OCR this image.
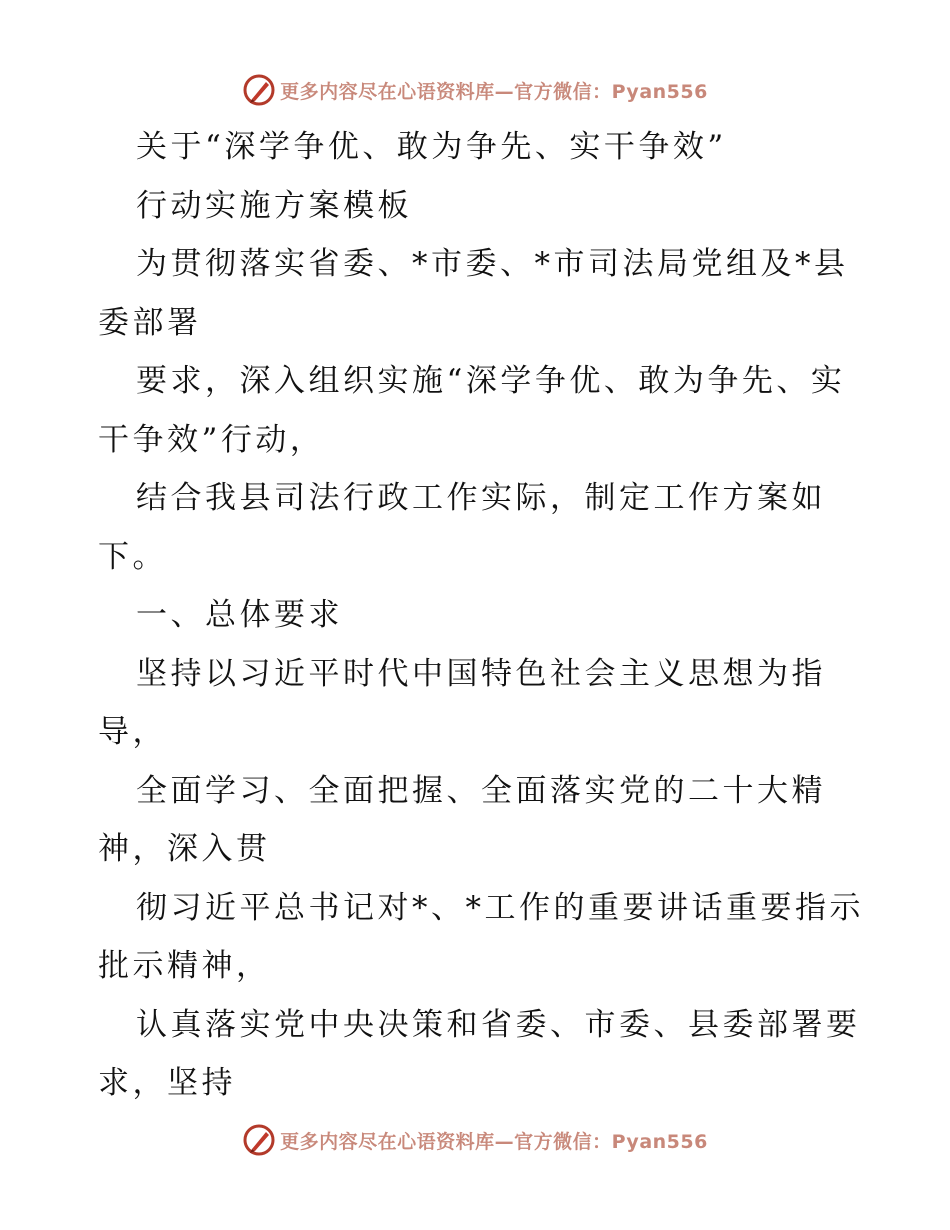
更多内容尽在心语资料库—官方微信：Pyan556
关于“深学争优、敢为争先、实干争效”
行动实施方案模板
为贯彻落实省委、*市委、*市司法局党组及*县
委部署
要求，深入组织实施“深学争优、敢为争先、实
干争效”行动，
结合我县司法行政工作实际，制定工作方案如
下。
一、总体要求
坚持以习近平时代中国特色社会主义思想为指
导，
全面学习、全面把握、全面落实党的二十大精
神，深入贯
彻习近平总书记对*、*工作的重要讲话重要指示
批示精神，
认真落实党中央决策和省委、市委、县委部署要
求，坚持
更多内容尽在心语资料库—官方微信：Pyan556
